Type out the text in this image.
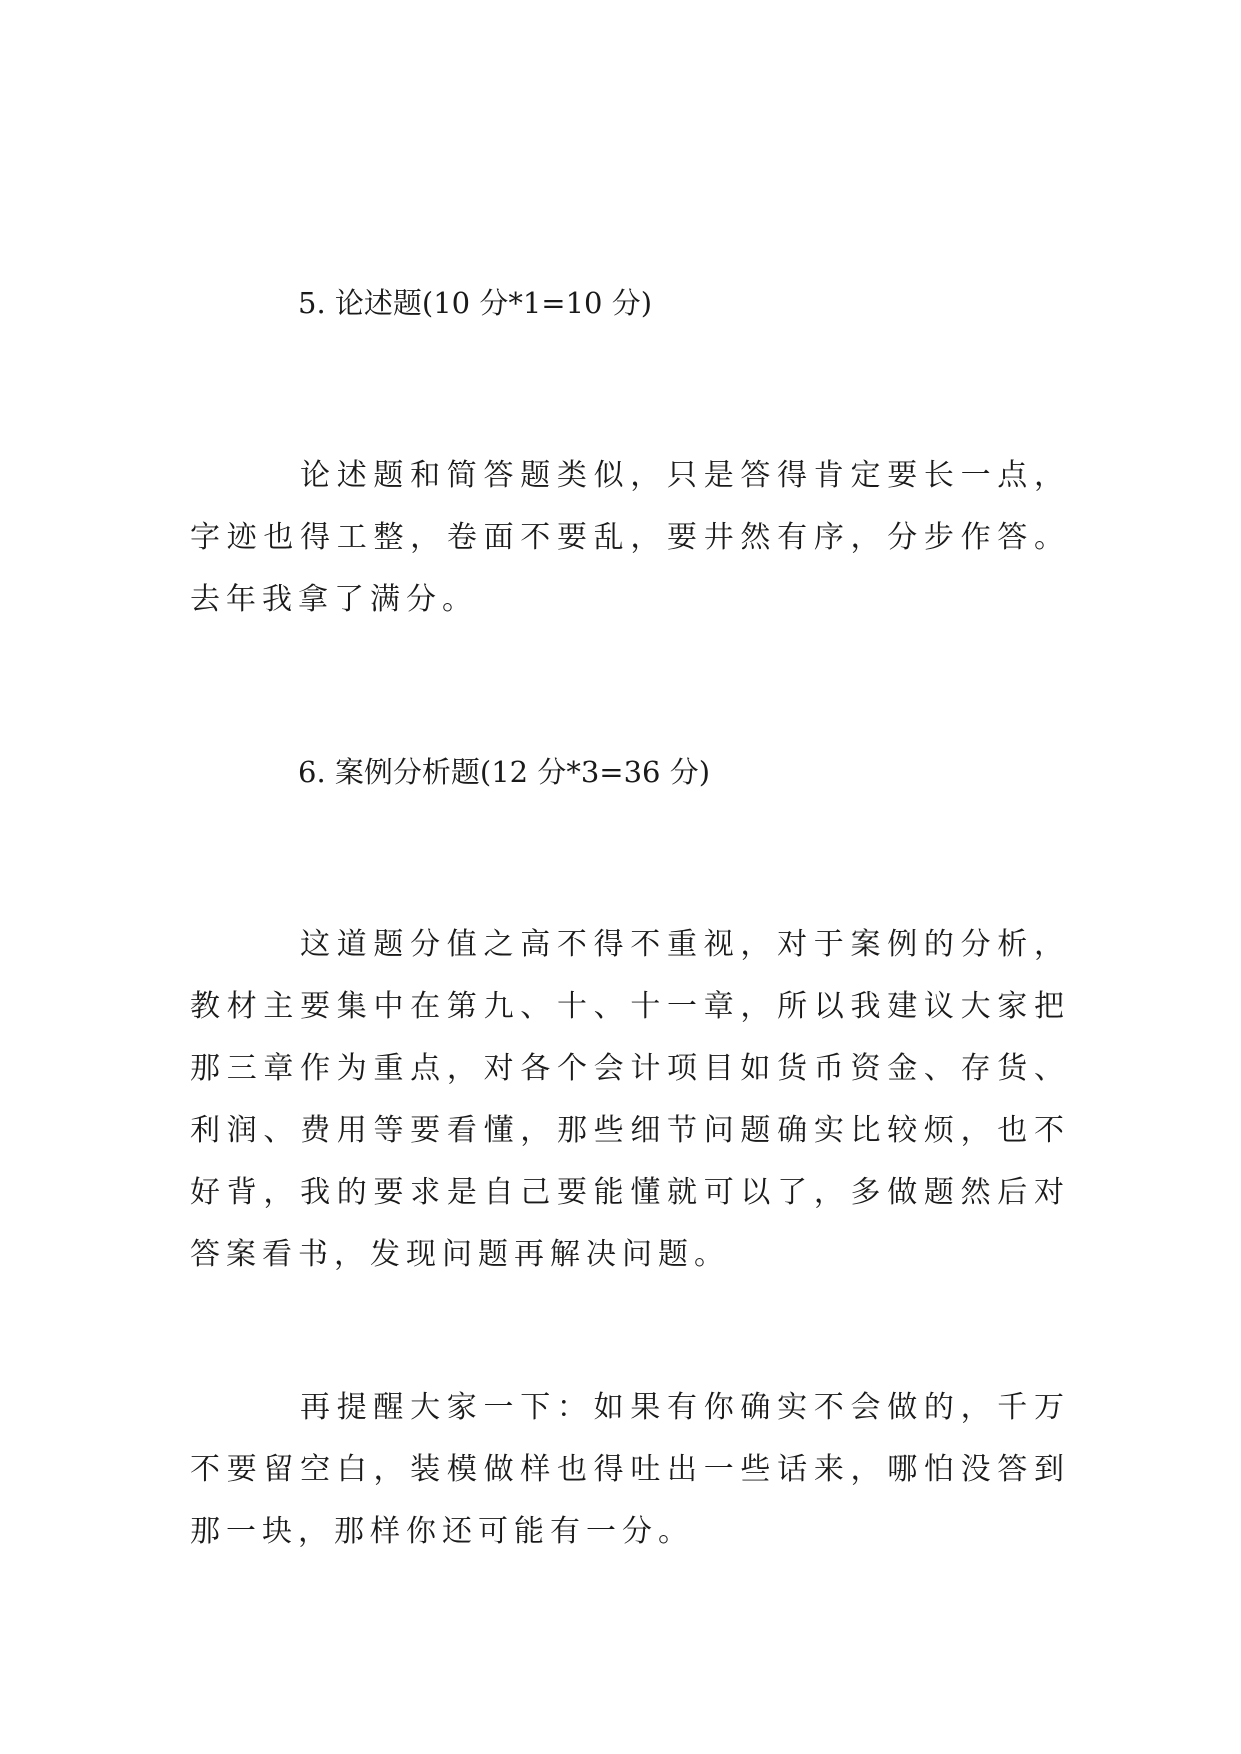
5. 论述题(10 分*1=10 分)

论述题和简答题类似，只是答得肯定要长一点，字迹也得工整，卷面不要乱，要井然有序，分步作答。去年我拿了满分。

6. 案例分析题(12 分*3=36 分)

这道题分值之高不得不重视，对于案例的分析，教材主要集中在第九、十、十一章，所以我建议大家把那三章作为重点，对各个会计项目如货币资金、存货、利润、费用等要看懂，那些细节问题确实比较烦，也不好背，我的要求是自己要能懂就可以了，多做题然后对答案看书，发现问题再解决问题。

再提醒大家一下：如果有你确实不会做的，千万不要留空白，装模做样也得吐出一些话来，哪怕没答到那一块，那样你还可能有一分。
